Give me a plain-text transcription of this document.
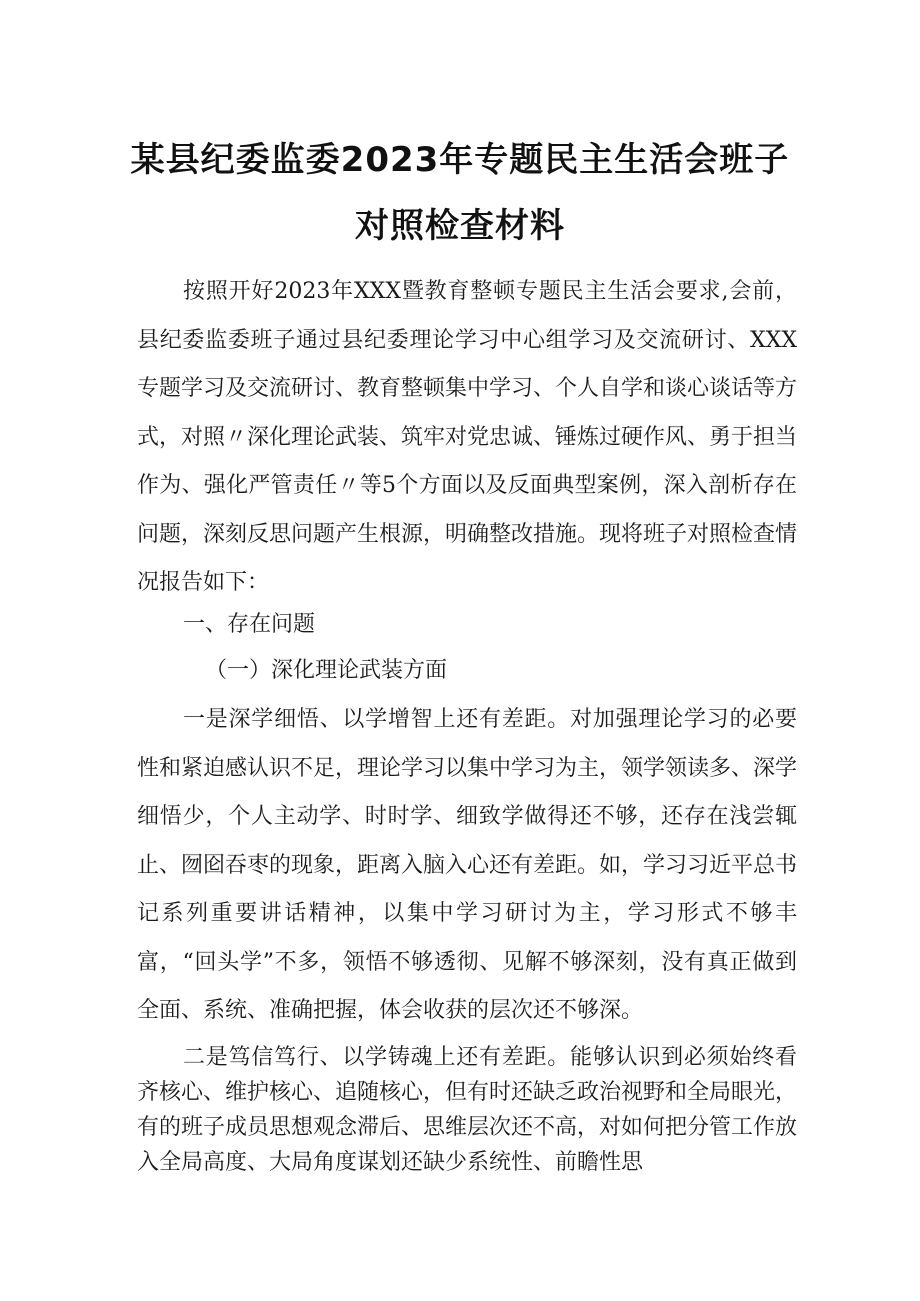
某县纪委监委2023年专题民主生活会班子
对照检查材料

按照开好2023年XXX暨教育整顿专题民主生活会要求,会前，县纪委监委班子通过县纪委理论学习中心组学习及交流研讨、XXX专题学习及交流研讨、教育整顿集中学习、个人自学和谈心谈话等方式，对照〃深化理论武装、筑牢对党忠诚、锤炼过硬作风、勇于担当作为、强化严管责任〃等5个方面以及反面典型案例，深入剖析存在问题，深刻反思问题产生根源，明确整改措施。现将班子对照检查情况报告如下：

一、存在问题

（一）深化理论武装方面

一是深学细悟、以学增智上还有差距。对加强理论学习的必要性和紧迫感认识不足，理论学习以集中学习为主，领学领读多、深学细悟少，个人主动学、时时学、细致学做得还不够，还存在浅尝辄止、囫囵吞枣的现象，距离入脑入心还有差距。如，学习习近平总书记系列重要讲话精神，以集中学习研讨为主，学习形式不够丰富，“回头学”不多，领悟不够透彻、见解不够深刻，没有真正做到全面、系统、准确把握，体会收获的层次还不够深。

二是笃信笃行、以学铸魂上还有差距。能够认识到必须始终看齐核心、维护核心、追随核心，但有时还缺乏政治视野和全局眼光，有的班子成员思想观念滞后、思维层次还不高，对如何把分管工作放入全局高度、大局角度谋划还缺少系统性、前瞻性思
